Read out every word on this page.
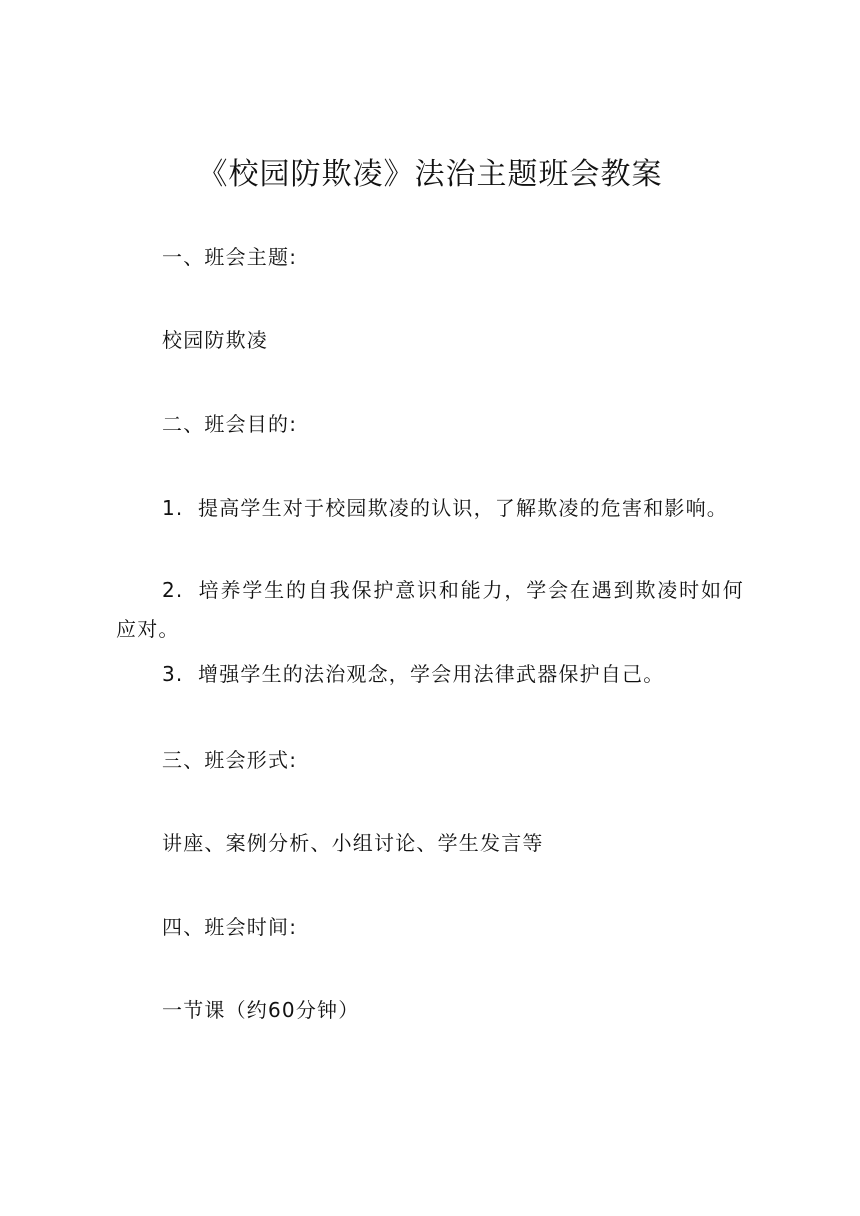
《校园防欺凌》法治主题班会教案
一、班会主题:
校园防欺凌
二、班会目的:
1. 提高学生对于校园欺凌的认识，了解欺凌的危害和影响。
2. 培养学生的自我保护意识和能力，学会在遇到欺凌时如何应对。
3. 增强学生的法治观念，学会用法律武器保护自己。
三、班会形式:
讲座、案例分析、小组讨论、学生发言等
四、班会时间:
一节课（约60分钟）
